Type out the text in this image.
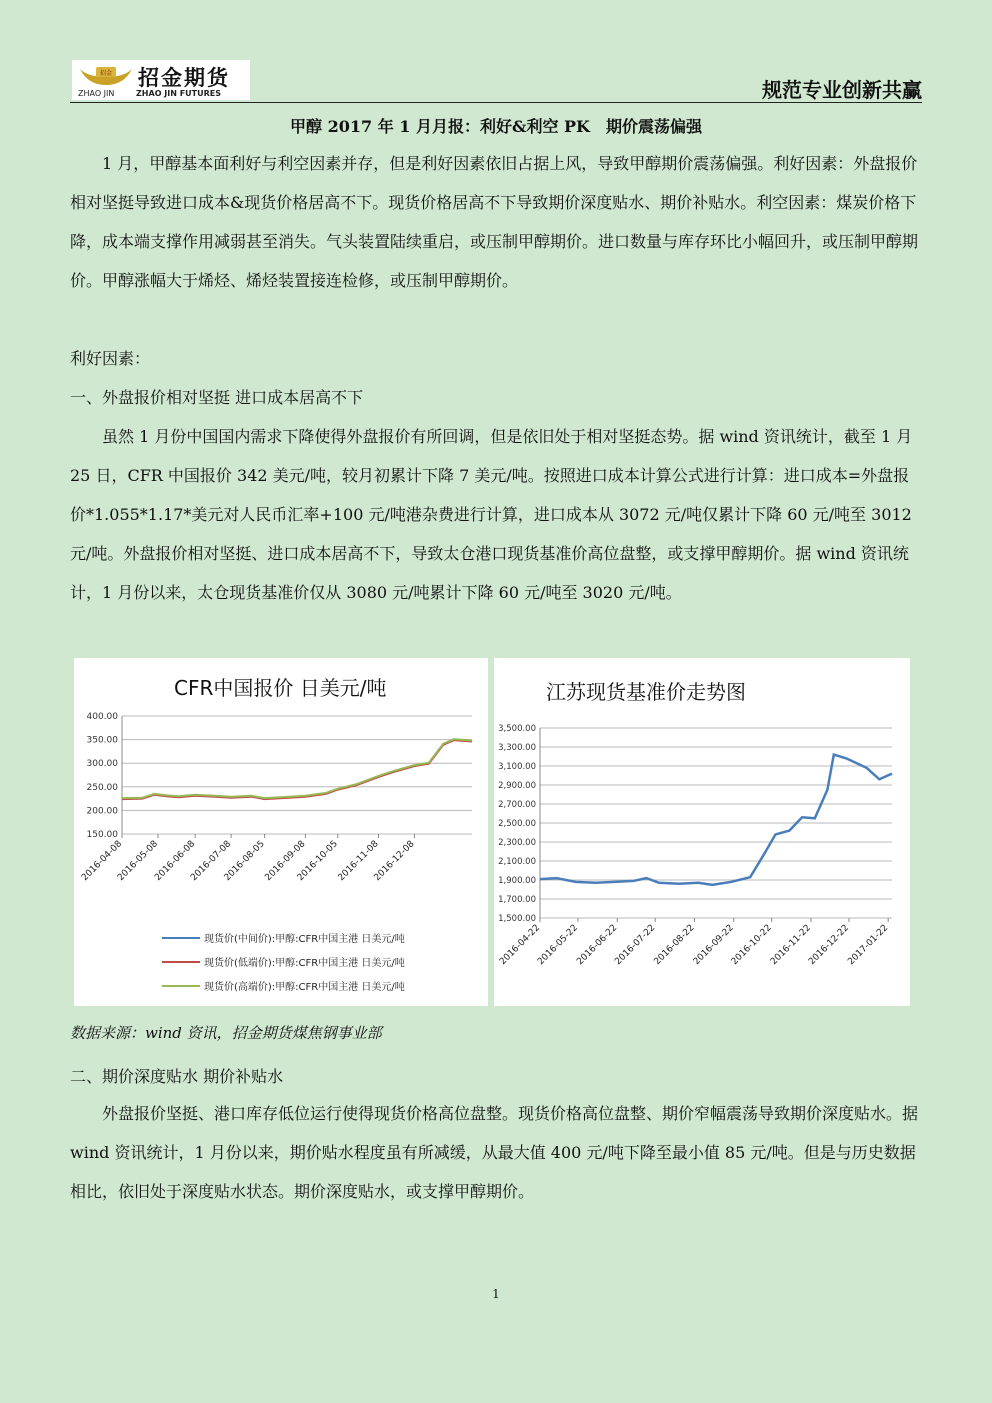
招金 招金期货
ZHAO JIN	ZHAO JIN FUTURES	规范专业创新共赢
甲醇 2017 年 1 月月报：利好&利空 PK　期价震荡偏强
1 月，甲醇基本面利好与利空因素并存，但是利好因素依旧占据上风，导致甲醇期价震荡偏强。利好因素：外盘报价相对坚挺导致进口成本&现货价格居高不下。现货价格居高不下导致期价深度贴水、期价补贴水。利空因素：煤炭价格下降，成本端支撑作用减弱甚至消失。气头装置陆续重启，或压制甲醇期价。进口数量与库存环比小幅回升，或压制甲醇期价。甲醇涨幅大于烯烃、烯烃装置接连检修，或压制甲醇期价。
利好因素：
一、外盘报价相对坚挺 进口成本居高不下
虽然 1 月份中国国内需求下降使得外盘报价有所回调，但是依旧处于相对坚挺态势。据 wind 资讯统计，截至 1 月 25 日，CFR 中国报价 342 美元/吨，较月初累计下降 7 美元/吨。按照进口成本计算公式进行计算：进口成本=外盘报价*1.055*1.17*美元对人民币汇率+100 元/吨港杂费进行计算，进口成本从 3072 元/吨仅累计下降 60 元/吨至 3012 元/吨。外盘报价相对坚挺、进口成本居高不下，导致太仓港口现货基准价高位盘整，或支撑甲醇期价。据 wind 资讯统计，1 月份以来，太仓现货基准价仅从 3080 元/吨累计下降 60 元/吨至 3020 元/吨。
CFR中国报价 日美元/吨
400.00
350.00
300.00
250.00
200.00
150.00
2016-04-08
2016-05-08
2016-06-08
2016-07-08
2016-08-05
2016-09-08
2016-10-05
2016-11-08
2016-12-08
现货价(中间价):甲醇:CFR中国主港 日美元/吨
现货价(低端价):甲醇:CFR中国主港 日美元/吨
现货价(高端价):甲醇:CFR中国主港 日美元/吨
江苏现货基准价走势图
3,500.00
3,300.00
3,100.00
2,900.00
2,700.00
2,500.00
2,300.00
2,100.00
1,900.00
1,700.00
1,500.00
2016-04-22
2016-05-22
2016-06-22
2016-07-22
2016-08-22
2016-09-22
2016-10-22
2016-11-22
2016-12-22
2017-01-22
数据来源：wind 资讯，招金期货煤焦钢事业部
二、期价深度贴水 期价补贴水
外盘报价坚挺、港口库存低位运行使得现货价格高位盘整。现货价格高位盘整、期价窄幅震荡导致期价深度贴水。据 wind 资讯统计，1 月份以来，期价贴水程度虽有所减缓，从最大值 400 元/吨下降至最小值 85 元/吨。但是与历史数据相比，依旧处于深度贴水状态。期价深度贴水，或支撑甲醇期价。
1
